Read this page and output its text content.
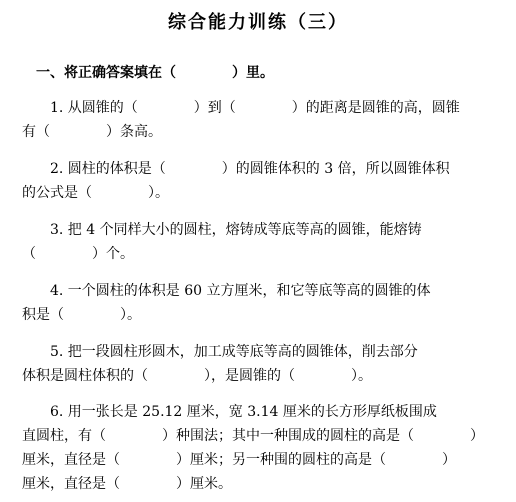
综合能力训练（三）
一、将正确答案填在（　　　　）里。
1. 从圆锥的（　　　　）到（　　　　）的距离是圆锥的高，圆锥
有（　　　　）条高。
2. 圆柱的体积是（　　　　）的圆锥体积的 3 倍，所以圆锥体积
的公式是（　　　　）。
3. 把 4 个同样大小的圆柱，熔铸成等底等高的圆锥，能熔铸
（　　　　）个。
4. 一个圆柱的体积是 60 立方厘米，和它等底等高的圆锥的体
积是（　　　　）。
5. 把一段圆柱形圆木，加工成等底等高的圆锥体，削去部分
体积是圆柱体积的（　　　　），是圆锥的（　　　　）。
6. 用一张长是 25.12 厘米，宽 3.14 厘米的长方形厚纸板围成
直圆柱，有（　　　　）种围法；其中一种围成的圆柱的高是（　　　　）
厘米，直径是（　　　　）厘米；另一种围的圆柱的高是（　　　　）
厘米，直径是（　　　　）厘米。
